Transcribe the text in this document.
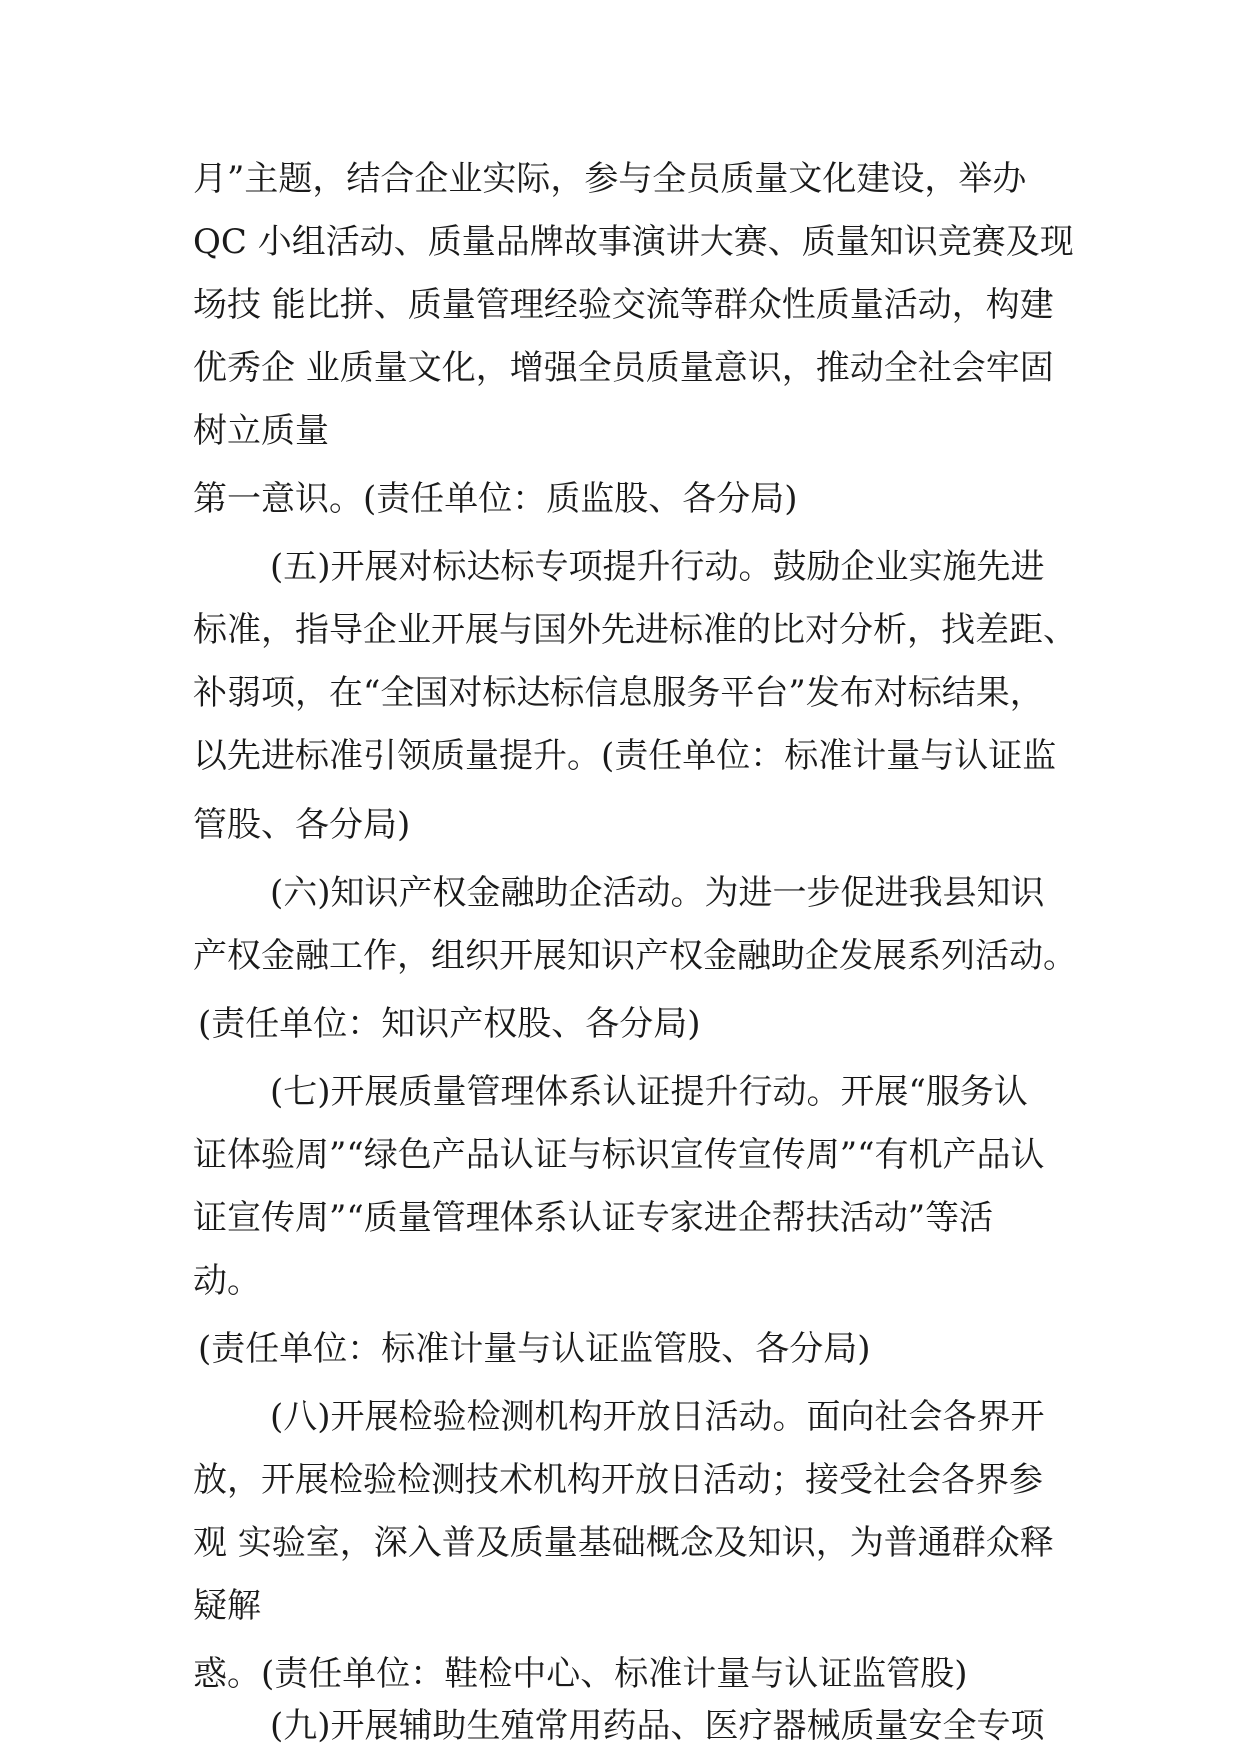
月”主题，结合企业实际，参与全员质量文化建设，举办
QC 小组活动、质量品牌故事演讲大赛、质量知识竞赛及现
场技 能比拼、质量管理经验交流等群众性质量活动，构建
优秀企 业质量文化，增强全员质量意识，推动全社会牢固
树立质量
第一意识。(责任单位：质监股、各分局)
(五)开展对标达标专项提升行动。鼓励企业实施先进
标准，指导企业开展与国外先进标准的比对分析，找差距、
补弱项，在“全国对标达标信息服务平台”发布对标结果，
以先进标准引领质量提升。(责任单位：标准计量与认证监
管股、各分局)
(六)知识产权金融助企活动。为进一步促进我县知识
产权金融工作，组织开展知识产权金融助企发展系列活动。
(责任单位：知识产权股、各分局)
(七)开展质量管理体系认证提升行动。开展“服务认
证体验周”“绿色产品认证与标识宣传宣传周”“有机产品认
证宣传周”“质量管理体系认证专家进企帮扶活动”等活
动。
(责任单位：标准计量与认证监管股、各分局)
(八)开展检验检测机构开放日活动。面向社会各界开
放，开展检验检测技术机构开放日活动；接受社会各界参
观 实验室，深入普及质量基础概念及知识，为普通群众释
疑解
惑。(责任单位：鞋检中心、标准计量与认证监管股)
(九)开展辅助生殖常用药品、医疗器械质量安全专项
